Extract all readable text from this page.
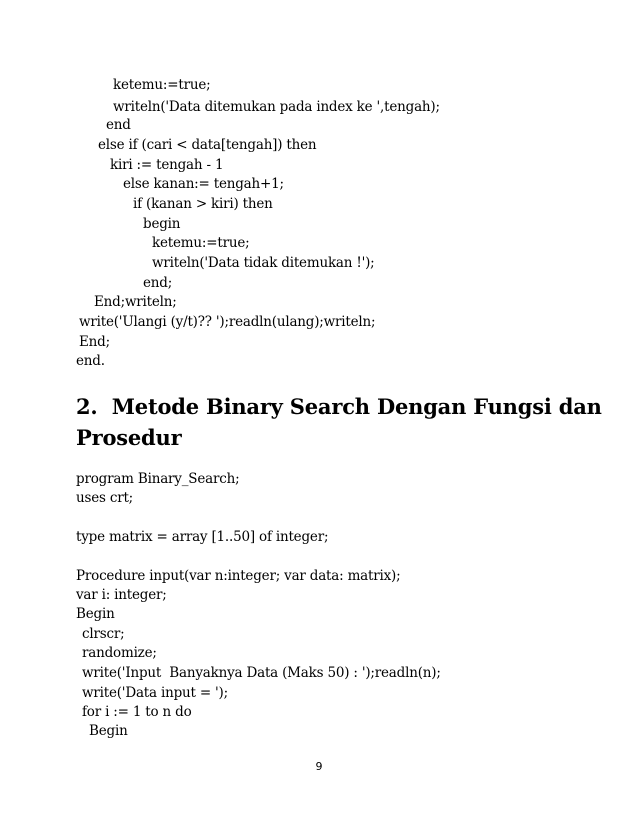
ketemu:=true;
writeln('Data ditemukan pada index ke ',tengah);
end
else if (cari < data[tengah]) then
kiri := tengah - 1
else kanan:= tengah+1;
if (kanan > kiri) then
begin
ketemu:=true;
writeln('Data tidak ditemukan !');
end;
End;writeln;
write('Ulangi (y/t)?? ');readln(ulang);writeln;
End;
end.
2.  Metode Binary Search Dengan Fungsi dan
Prosedur
program Binary_Search;
uses crt;
type matrix = array [1..50] of integer;
Procedure input(var n:integer; var data: matrix);
var i: integer;
Begin
clrscr;
randomize;
write('Input  Banyaknya Data (Maks 50) : ');readln(n);
write('Data input = ');
for i := 1 to n do
Begin
9
